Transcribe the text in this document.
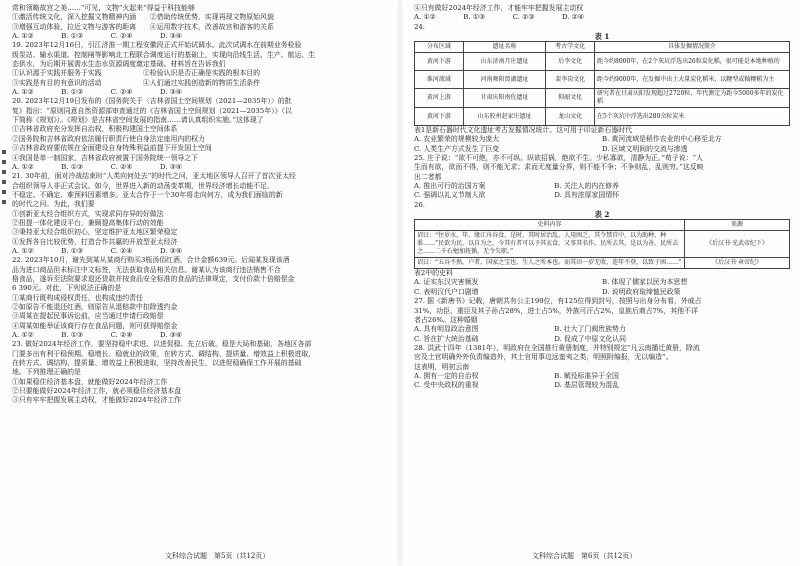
赏和领略故宫之美……“可见，文物”火起来“得益于科技能够
①激活传统文化，深入挖掘文物精神内涵　　②借助传统优势，实现再现文物原始风貌
③增强互动体验，拉近文物与游客的距离　　④运用数字技术，改善故宫和游客的关系
A. ①②　　　　B. ①③　　　　C. ②④　　　　D. ③④
19. 2023年12月16日，引江济淮一期工程安徽段正式开始试调水。此次试调水在前期业务检验
级泵站、输水渠道、控制闸等影响北工程联合调度运行的基础上，实现向沿线生活、生产、航运、生
态供水，为后期开展需水生态水资源调度奠定基础。材料旨在告诉我们
①认识源于实践并服务于实践　　　　　　②检验认识是否正确是实践的根本目的
③实践是有目的有意识的活动　　　　　　④人们通过实践创造新的物质生活条件
A. ①②　　　　B. ①③　　　　C. ②④　　　　D. ③④
20. 2023年12月19日发布的《国务院关于〈吉林省国土空间规划（2021—2035年）〉的批
复》指出：“原则同意自然资源部审查通过的《吉林省国土空间规划（2021—2035年）》（以
下简称《规划》）。《规划》是吉林省空间发展的指南……请认真组织实施。”这体现了
①吉林省政府充分发挥自治权，积极构建国土空间体系
②国务院和吉林省政府依法履行职责行使自身法定座用内的权力
③吉林省政府要依规在全面建设自身特殊利益前提下开发国土空间
④我国是单一制国家，吉林省政府被置于国务院统一领导之下
A. ①②　　　　B. ①③　　　　C. ②④　　　　D. ③④
21. 30年前，面对冷战结束时“人类向何处去”的时代之问，亚太地区领导人召开了首次亚太经
合组织领导人非正式会议。如今，世界进入新的动荡变革期，世界经济增长动能不足、
不稳定、不确定、难预料因素增多。亚太合作于一个30年将走向何方，成为我们面临的新
的时代之问。为此，我们要
①创新亚太经合组织方式，实现求同存异的好做法
②扭提一体化建设平台，兼顾提高集体行动的效能
③秉持亚太经合组织初心，坚定维护亚太地区繁荣稳定
④发挥各自比较优势，打造合作共赢的开放型亚太经济
A. ①②　　　　B. ①③　　　　C. ②④　　　　D. ③④
22. 2023年10月，谢先到某从某商行购买3瓶汤佰红酒，合计金额639元。后闻某发现该酒
品为进口商品但未标注中文标签，无法获取食品相关信息。谢某认为该商行违法销售不合
格食品，遂诉至法院要求退还货款并按食品安全标准的食品的法律规定，支付价款十倍赔偿金
6 390元。对此，下列说法正确的是
①某商行既构成侵权责任，也构成违约责任
②如原告不能退还红酒，则原告从退赔款中扣除透约金
③周某在提起民事诉讼前，应当通过申请行政赔偿
④周某如能举证该商行存在食品问题，则可获得赔偿金
A. ①②　　　　B. ①③　　　　C. ②④　　　　D. ③④
23. 做好2024年经济工作，要坚持稳中求进、以进促稳、先立后破。稳是大局和基础，各地区各部
门要多出有利于稳预期、稳增长、稳就业的政策，在转方式、调结构、提质量、增效益上积极进取，
在转方式、调结构、提质量、增效益上积极进取，坚持改善民生，以进促稳确保工作开展的基础
地。下列推理正确的是
①如果稳住经济基本盘，就能做好2024年经济工作
②只要能做好2024年经济工作，就必须稳住经济基本盘
③只有牢牢把握发展主动权，才能做好2024年经济工作
文科综合试题　第5页（共12页）
④只有做好2024年经济工作，才能牢牢把握发展主动权
A. ①②　　　　B. ①③　　　　C. ②③　　　　D. ②④
24.
表 1
分布区域	遗址名称	考古学文化	具体发掘情况简介
黄河下游	山东济南月庄遗址	后李文化	距今约8000年，在2个灰坑浮选出26粒炭化稻，很可能是本地种植的
淮河流域	河南舞阳贾湖遗址	裴李岗文化	距今约9000年，在发掘中出土大量炭化稻米，以粳型或籼粳稻为主
黄河上游	甘肃庆阳南佐遗址	仰韶文化	研究者在甘肃庆阳发现超过2720粒，年代测定为距今5000多年的炭化稻
黄河下游	山东胶州赵家庄遗址	龙山文化	在5个灰坑中浮选出280余粒炭米
表1是新石器时代文化遗址考古发掘情况统计。这可用于印证新石器时代
A. 农业繁荣的规模较为庞大	B. 黄河流域是稻作农业的中心移至北方
C. 人类生产方式发生了巨变	D. 区域文明间的交流与渗透
25. 庄子说：“欲不可绝，亦不可纵。纵欲招祸，绝欲不生。少私寡欲，清静为正。”荀子说：“人
生而有欲，欲而不得，则不能无求；求而无度量分界，则不能不争；不争则乱，乱则穷。”这反映
出二者都
A. 推出可行的治国方案　　　　　　　　　　B. 关注人的内在修养
C. 强调以礼义节制人欲　　　　　　　　　　D. 具有浓厚家国情怀
26.
表 2
史料内容	来源
诏曰：“往岁水，年，缘江舟谷食，是时，其时居治乱，人用困乏，其令禁宫中，以为助种，种黍……”民欲为民，以自为之，今其有者可以予其衣食，又事其名作，民所去其，是以为善，民所去之……二千石勉加抚循，无令失职。”	《后汉书·光武帝纪下》
诏曰：“五谷不熟，户者，国家之宝也，生人之所本也。而其田一岁无收，连年不登，以致于困……”	《后汉书·章帝纪》
表2中的史料
A. 证实东汉灾害频发	B. 体现了儒家以民为本思想
C. 表明汉代户口剧增	D. 说明政府取缔恤民政策
27. 据《新唐书》记载，唐朝共有公主199位，有125位得到封号，按照与出身分布看，外戚占
31%，功臣、重臣及其子孙占28%，进士占5%，外族可汗占2%，皇族后裔占7%，其他不详
者占26%。这种婚姻
A. 具有明显政治意图　　　　　　　　　　　B. 壮大了门阀贵族势力
C. 旨在扩大统治基础　　　　　　　　　　　D. 促成了中原文化认同
28. 洪武十四年（1381年），明政府在全国推行黄册制度，并特别规定“凡云南播迁黄册，除流
官及土官明确外外负责编造外，其土官用事边远蛮夷之类，明照附编报，无以编造”。
这表明，明初云南
A. 拥有一定的自治权　　　　　　　　　　　B. 赋役标准异于全国
C. 受中央政权的重视　　　　　　　　　　　D. 基层管理较为混乱
文科综合试题　第6页（共12页）
